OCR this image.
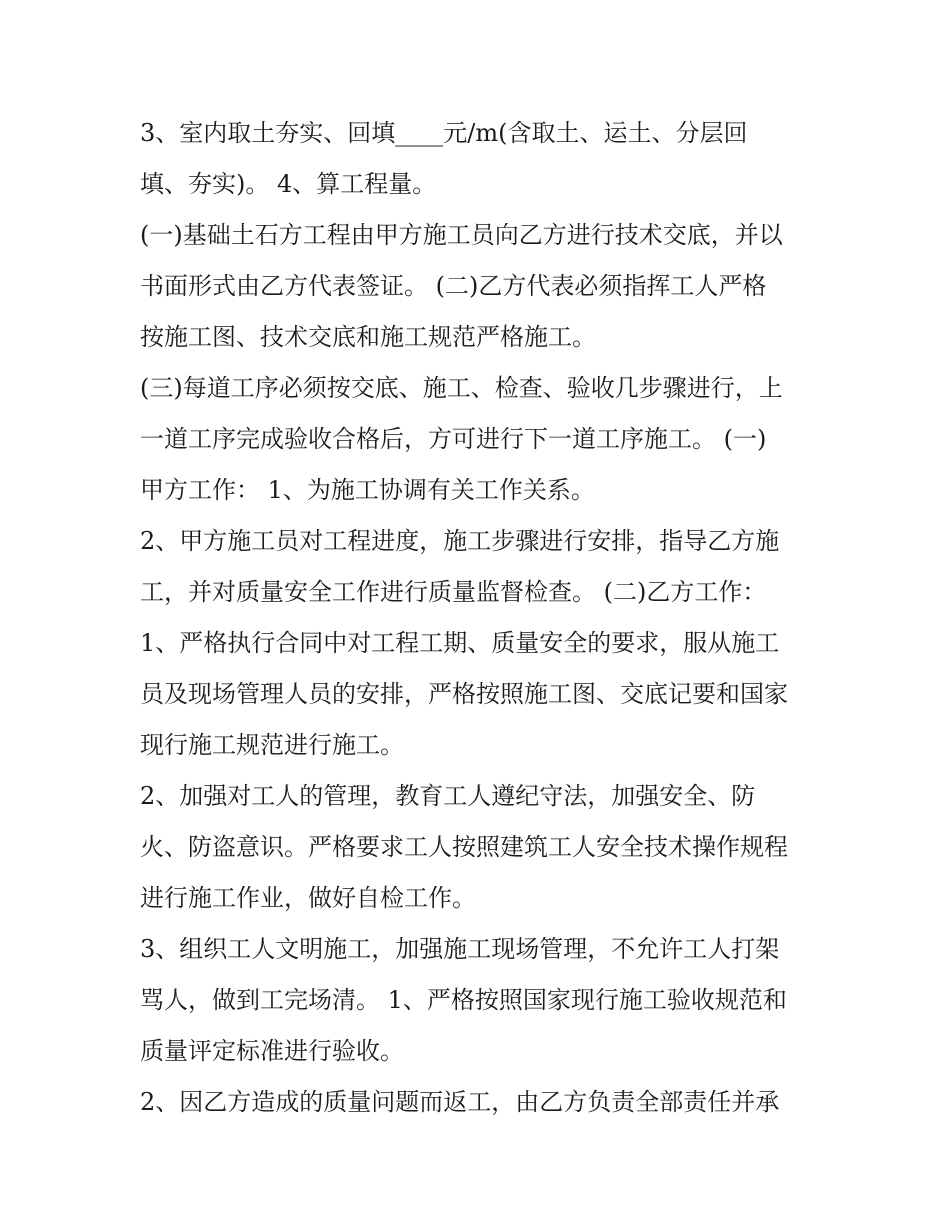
3、室内取土夯实、回填____元/m(含取土、运土、分层回
填、夯实)。 4、算工程量。
(一)基础土石方工程由甲方施工员向乙方进行技术交底，并以
书面形式由乙方代表签证。 (二)乙方代表必须指挥工人严格
按施工图、技术交底和施工规范严格施工。
(三)每道工序必须按交底、施工、检查、验收几步骤进行，上
一道工序完成验收合格后，方可进行下一道工序施工。 (一)
甲方工作： 1、为施工协调有关工作关系。
2、甲方施工员对工程进度，施工步骤进行安排，指导乙方施
工，并对质量安全工作进行质量监督检查。 (二)乙方工作：
1、严格执行合同中对工程工期、质量安全的要求，服从施工
员及现场管理人员的安排，严格按照施工图、交底记要和国家
现行施工规范进行施工。
2、加强对工人的管理，教育工人遵纪守法，加强安全、防
火、防盗意识。严格要求工人按照建筑工人安全技术操作规程
进行施工作业，做好自检工作。
3、组织工人文明施工，加强施工现场管理，不允许工人打架
骂人，做到工完场清。 1、严格按照国家现行施工验收规范和
质量评定标准进行验收。
2、因乙方造成的质量问题而返工，由乙方负责全部责任并承
